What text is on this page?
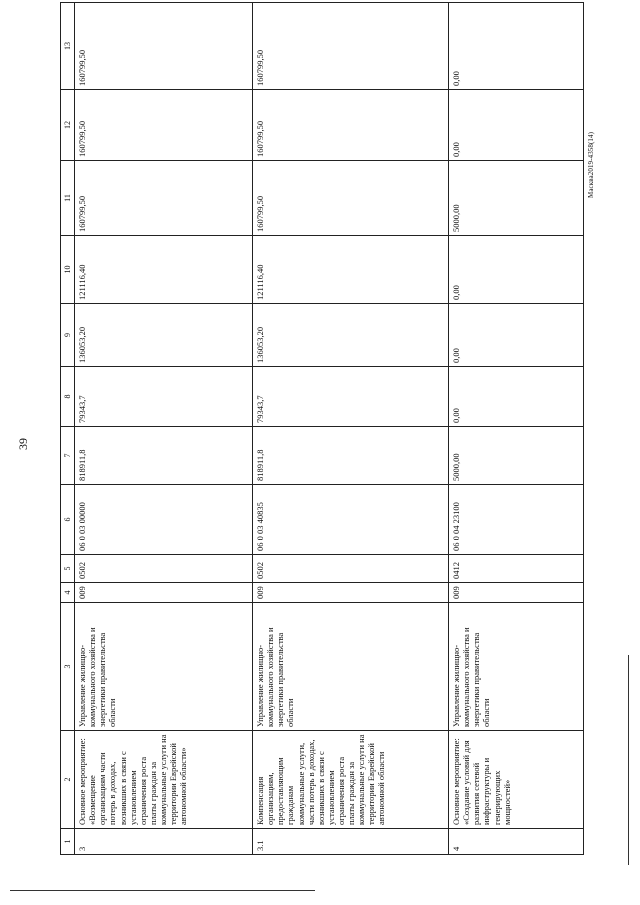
39
Масква2019-4358(14)
1	2	3	4	5	6	7	8	9	10	11	12	13
3	Основное мероприятие: «Возмещение организациям части потерь в доходах, возникших в связи с установлением ограничения роста платы граждан за коммунальные услуги на территории Еврейской автономной области»	Управление жилищно-коммунального хозяйства и энергетики правительства области	009	0502	06 0 03 00000	818911,8	79343,7	136053,20	121116,40	160799,50	160799,50	160799,50
3.1	Компенсация организациям, предоставляющим гражданам коммунальные услуги, части потерь в доходах, возникших в связи с установлением ограничения роста платы граждан за коммунальные услуги на территории Еврейской автономной области	Управление жилищно-коммунального хозяйства и энергетики правительства области	009	0502	06 0 03 40835	818911,8	79343,7	136053,20	121116,40	160799,50	160799,50	160799,50
4	Основное мероприятие: «Создание условий для развития сетевой инфраструктуры и генерирующих мощностей»	Управление жилищно-коммунального хозяйства и энергетики правительства области	009	0412	06 0 04 23100	5000,00	0,00	0,00	0,00	5000,00	0,00	0,00
